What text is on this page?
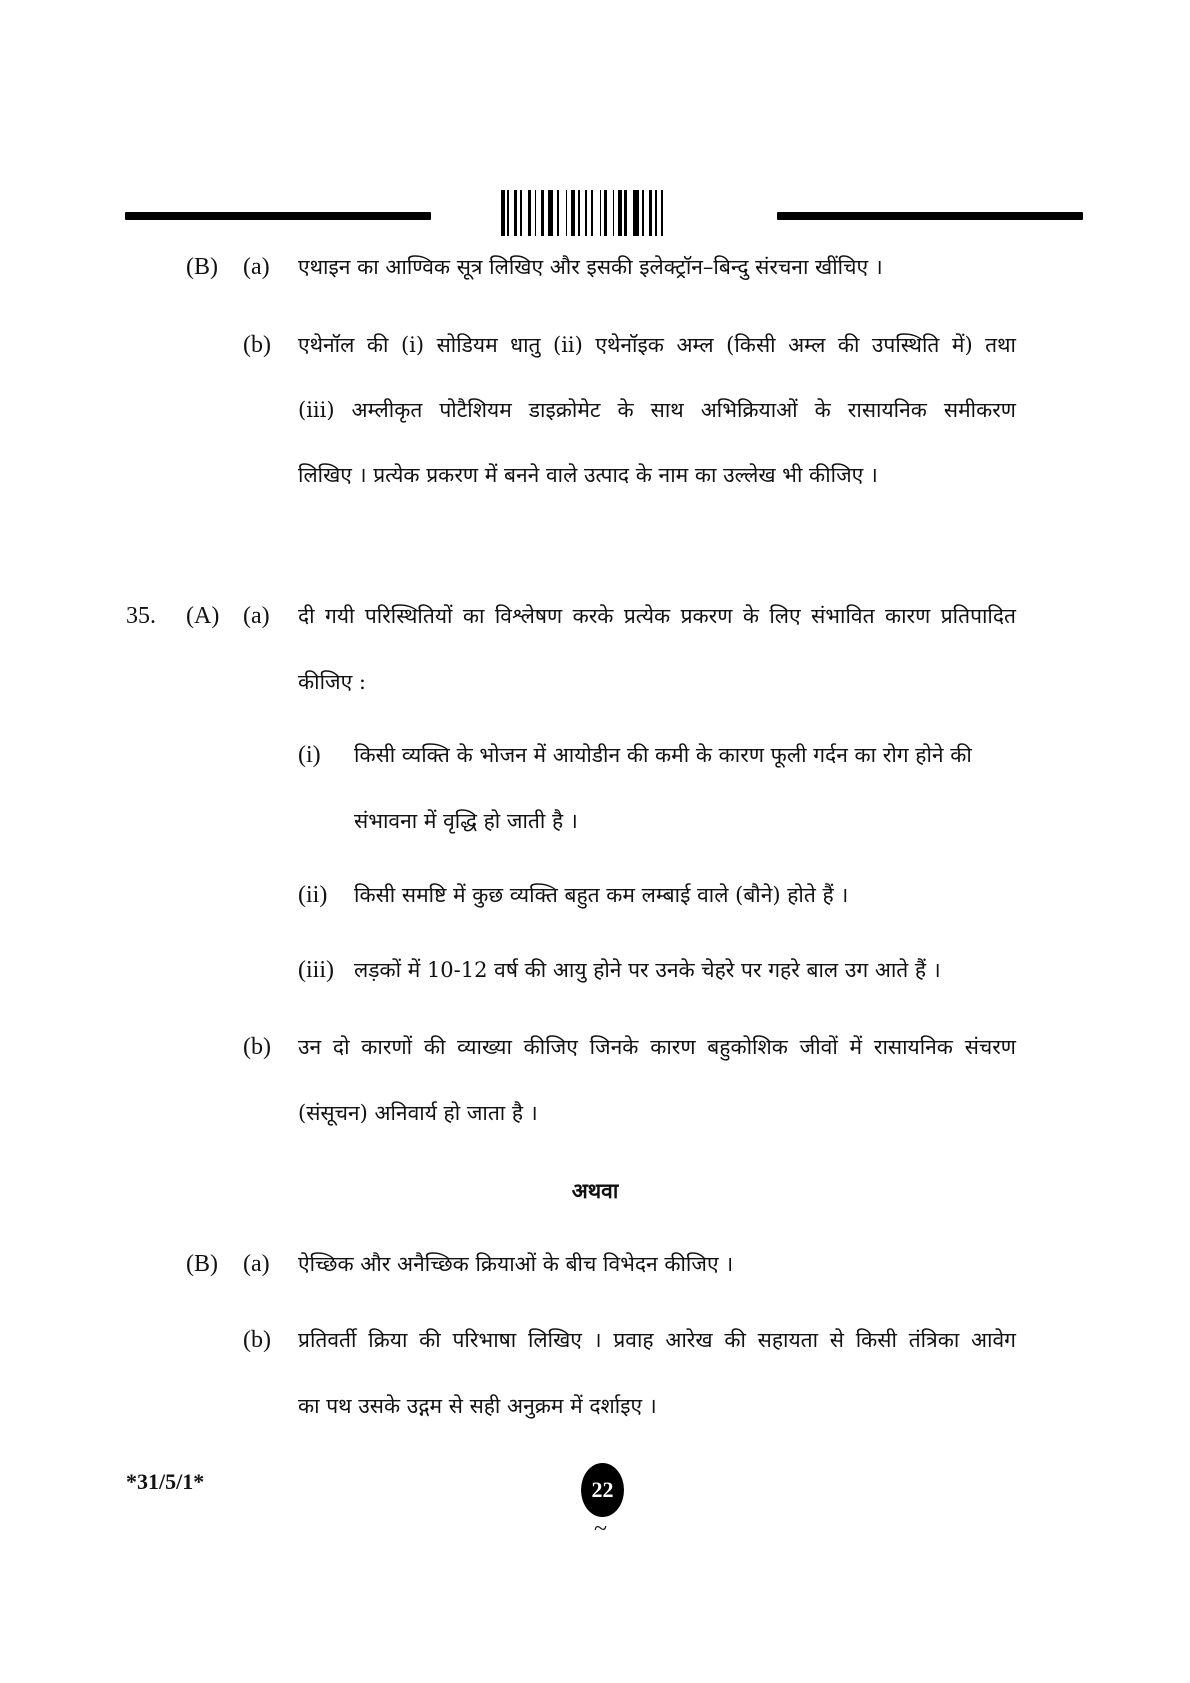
(B) (a) एथाइन का आण्विक सूत्र लिखिए और इसकी इलेक्ट्रॉन–बिन्दु संरचना खींचिए ।
(b) एथेनॉल की (i) सोडियम धातु (ii) एथेनॉइक अम्ल (किसी अम्ल की उपस्थिति में) तथा
(iii) अम्लीकृत पोटैशियम डाइक्रोमेट के साथ अभिक्रियाओं के रासायनिक समीकरण
लिखिए । प्रत्येक प्रकरण में बनने वाले उत्पाद के नाम का उल्लेख भी कीजिए ।
35. (A) (a) दी गयी परिस्थितियों का विश्लेषण करके प्रत्येक प्रकरण के लिए संभावित कारण प्रतिपादित
कीजिए :
(i) किसी व्यक्ति के भोजन में आयोडीन की कमी के कारण फूली गर्दन का रोग होने की
संभावना में वृद्धि हो जाती है ।
(ii) किसी समष्टि में कुछ व्यक्ति बहुत कम लम्बाई वाले (बौने) होते हैं ।
(iii) लड़कों में 10-12 वर्ष की आयु होने पर उनके चेहरे पर गहरे बाल उग आते हैं ।
(b) उन दो कारणों की व्याख्या कीजिए जिनके कारण बहुकोशिक जीवों में रासायनिक संचरण
(संसूचन) अनिवार्य हो जाता है ।
अथवा
(B) (a) ऐच्छिक और अनैच्छिक क्रियाओं के बीच विभेदन कीजिए ।
(b) प्रतिवर्ती क्रिया की परिभाषा लिखिए । प्रवाह आरेख की सहायता से किसी तंत्रिका आवेग
का पथ उसके उद्गम से सही अनुक्रम में दर्शाइए ।
*31/5/1*	22
~
